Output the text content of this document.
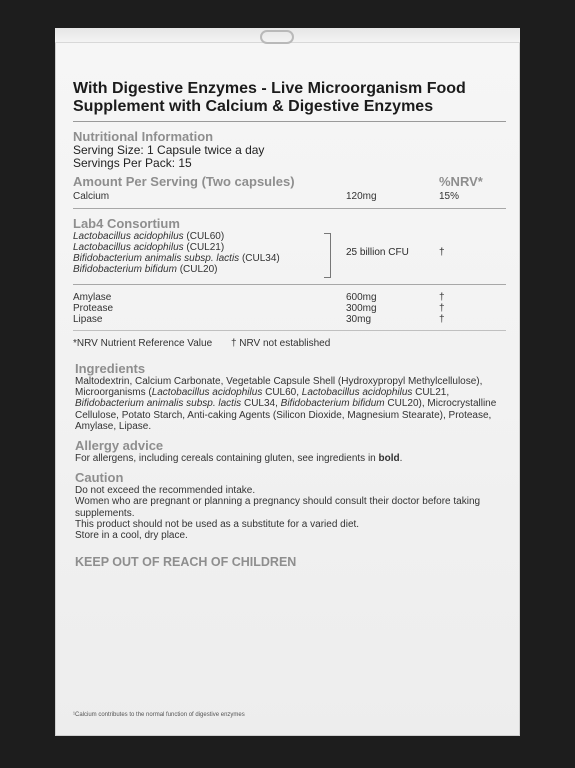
With Digestive Enzymes - Live Microorganism Food Supplement with Calcium & Digestive Enzymes
Nutritional Information
Serving Size: 1 Capsule twice a day
Servings Per Pack: 15
Amount Per Serving (Two capsules)	%NRV*
Calcium	120mg	15%
Lab4 Consortium
Lactobacillus acidophilus (CUL60)
Lactobacillus acidophilus (CUL21)
Bifidobacterium animalis subsp. lactis (CUL34)
Bifidobacterium bifidum (CUL20)
25 billion CFU	†
Amylase	600mg	†
Protease	300mg	†
Lipase	30mg	†
*NRV Nutrient Reference Value † NRV not established
Ingredients
Maltodextrin, Calcium Carbonate, Vegetable Capsule Shell (Hydroxypropyl Methylcellulose), Microorganisms (Lactobacillus acidophilus CUL60, Lactobacillus acidophilus CUL21, Bifidobacterium animalis subsp. lactis CUL34, Bifidobacterium bifidum CUL20), Microcrystalline Cellulose, Potato Starch, Anti-caking Agents (Silicon Dioxide, Magnesium Stearate), Protease, Amylase, Lipase.
Allergy advice
For allergens, including cereals containing gluten, see ingredients in bold.
Caution
Do not exceed the recommended intake.
Women who are pregnant or planning a pregnancy should consult their doctor before taking supplements.
This product should not be used as a substitute for a varied diet.
Store in a cool, dry place.
KEEP OUT OF REACH OF CHILDREN
¹Calcium contributes to the normal function of digestive enzymes
